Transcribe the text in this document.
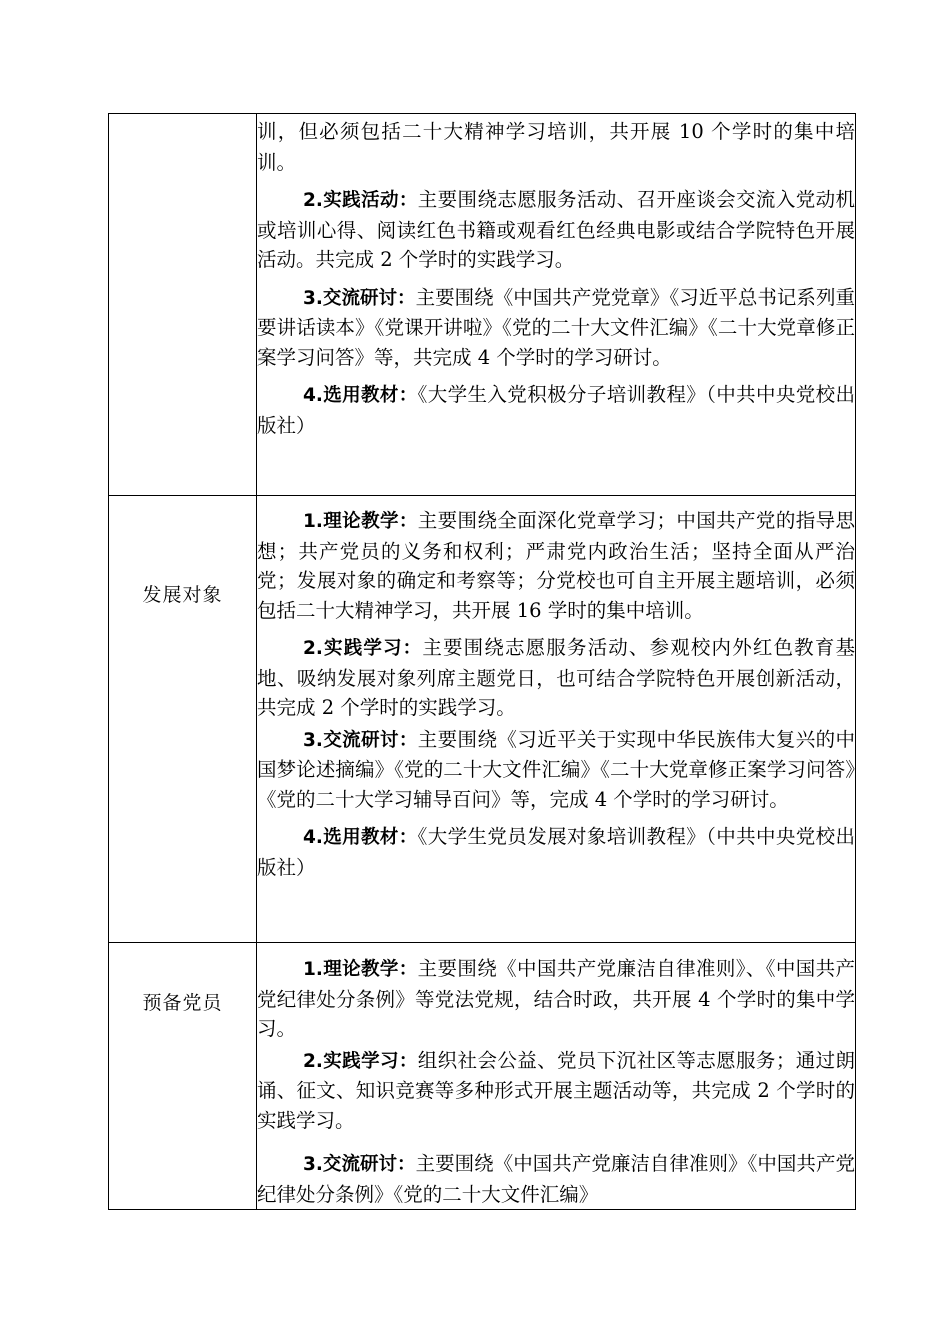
	训，但必须包括二十大精神学习培训，共开展 10 个学时的集中培训。

2.实践活动：主要围绕志愿服务活动、召开座谈会交流入党动机或培训心得、阅读红色书籍或观看红色经典电影或结合学院特色开展活动。共完成 2 个学时的实践学习。

3.交流研讨：主要围绕《中国共产党党章》《习近平总书记系列重要讲话读本》《党课开讲啦》《党的二十大文件汇编》《二十大党章修正案学习问答》等，共完成 4 个学时的学习研讨。

4.选用教材：《大学生入党积极分子培训教程》（中共中央党校出版社）

发展对象	1.理论教学：主要围绕全面深化党章学习；中国共产党的指导思想；共产党员的义务和权利；严肃党内政治生活；坚持全面从严治党；发展对象的确定和考察等；分党校也可自主开展主题培训，必须包括二十大精神学习，共开展 16 学时的集中培训。

2.实践学习：主要围绕志愿服务活动、参观校内外红色教育基地、吸纳发展对象列席主题党日，也可结合学院特色开展创新活动，共完成 2 个学时的实践学习。

3.交流研讨：主要围绕《习近平关于实现中华民族伟大复兴的中国梦论述摘编》《党的二十大文件汇编》《二十大党章修正案学习问答》《党的二十大学习辅导百问》等，完成 4 个学时的学习研讨。

4.选用教材：《大学生党员发展对象培训教程》（中共中央党校出版社）

预备党员	1.理论教学：主要围绕《中国共产党廉洁自律准则》、《中国共产党纪律处分条例》等党法党规，结合时政，共开展 4 个学时的集中学习。

2.实践学习：组织社会公益、党员下沉社区等志愿服务；通过朗诵、征文、知识竞赛等多种形式开展主题活动等，共完成 2 个学时的实践学习。

3.交流研讨：主要围绕《中国共产党廉洁自律准则》《中国共产党纪律处分条例》《党的二十大文件汇编》
